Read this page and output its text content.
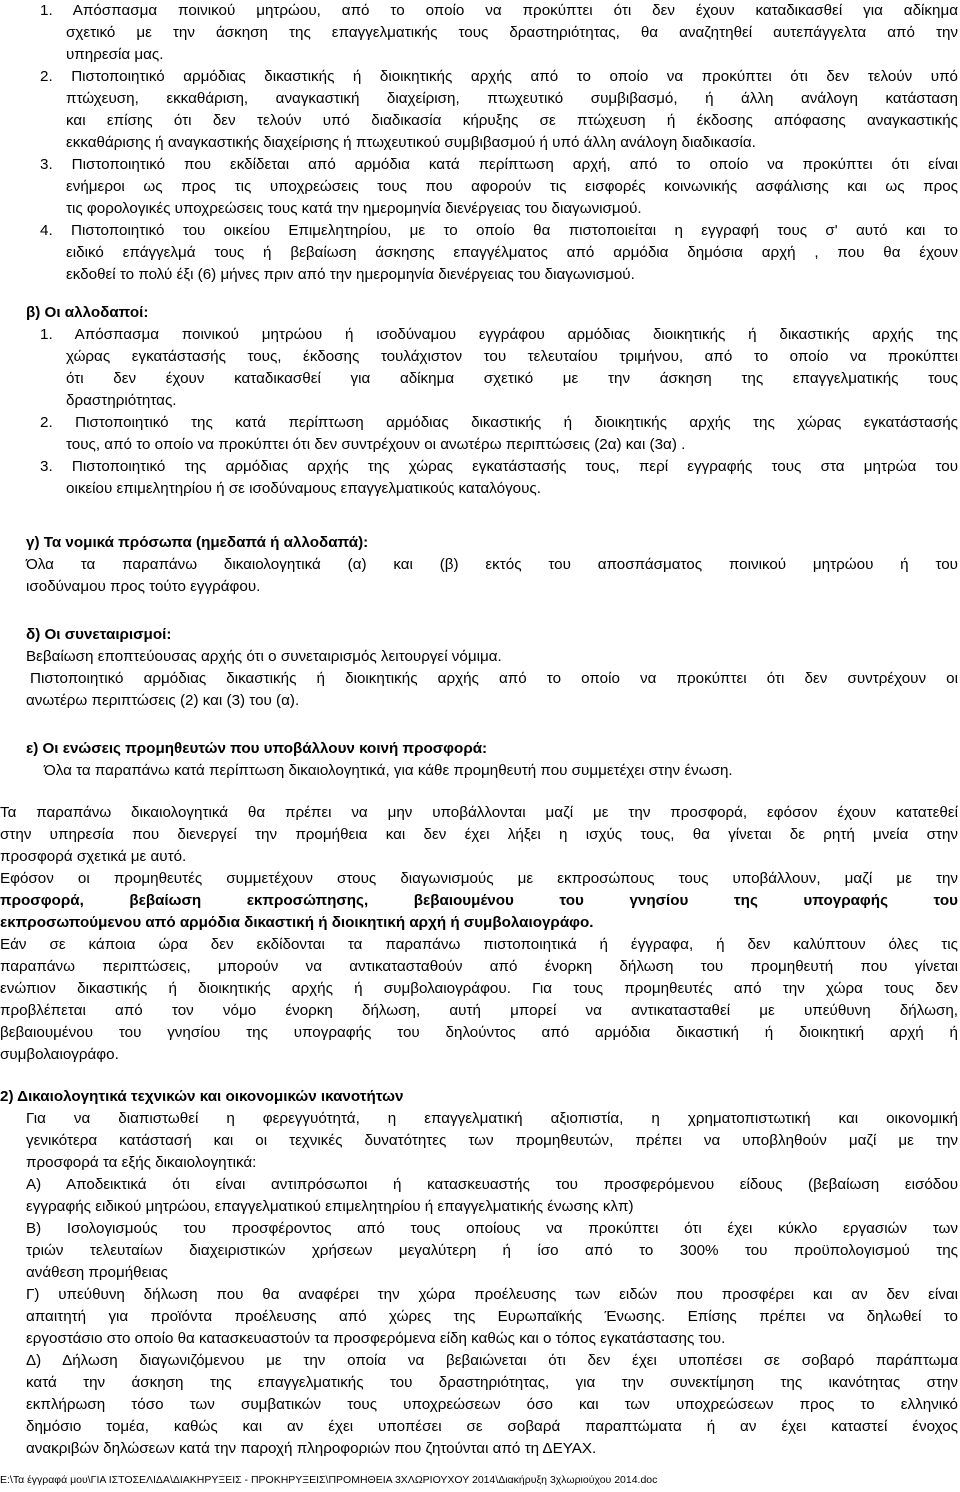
1. Απόσπασμα ποινικού μητρώου, από το οποίο να προκύπτει ότι δεν έχουν καταδικασθεί για αδίκημα
σχετικό με την άσκηση της επαγγελματικής τους δραστηριότητας, θα αναζητηθεί αυτεπάγγελτα από την
υπηρεσία μας.
2. Πιστοποιητικό αρμόδιας δικαστικής ή διοικητικής αρχής από το οποίο να προκύπτει ότι δεν τελούν υπό
πτώχευση, εκκαθάριση, αναγκαστική διαχείριση, πτωχευτικό συμβιβασμό, ή άλλη ανάλογη κατάσταση
και επίσης ότι δεν τελούν υπό διαδικασία κήρυξης σε πτώχευση ή έκδοσης απόφασης αναγκαστικής
εκκαθάρισης ή αναγκαστικής διαχείρισης ή πτωχευτικού συμβιβασμού ή υπό άλλη ανάλογη διαδικασία.
3. Πιστοποιητικό που εκδίδεται από αρμόδια κατά περίπτωση αρχή, από το οποίο να προκύπτει ότι είναι
ενήμεροι ως προς τις υποχρεώσεις τους που αφορούν τις εισφορές κοινωνικής ασφάλισης και ως προς
τις φορολογικές υποχρεώσεις τους κατά την ημερομηνία διενέργειας του διαγωνισμού.
4. Πιστοποιητικό του οικείου Επιμελητηρίου, με το οποίο θα πιστοποιείται η εγγραφή τους σ' αυτό και το
ειδικό επάγγελμά τους ή βεβαίωση άσκησης επαγγέλματος από αρμόδια δημόσια αρχή , που θα έχουν
εκδοθεί το πολύ έξι (6) μήνες πριν από την ημερομηνία διενέργειας του διαγωνισμού.
β) Οι αλλοδαποί:
1. Απόσπασμα ποινικού μητρώου ή ισοδύναμου εγγράφου αρμόδιας διοικητικής ή δικαστικής αρχής της
χώρας εγκατάστασής τους, έκδοσης τουλάχιστον του τελευταίου τριμήνου, από το οποίο να προκύπτει
ότι δεν έχουν καταδικασθεί για αδίκημα σχετικό με την άσκηση της επαγγελματικής τους
δραστηριότητας.
2. Πιστοποιητικό της κατά περίπτωση αρμόδιας δικαστικής ή διοικητικής αρχής της χώρας εγκατάστασής
τους, από το οποίο να προκύπτει ότι δεν συντρέχουν οι ανωτέρω περιπτώσεις (2α) και (3α) .
3. Πιστοποιητικό της αρμόδιας αρχής της χώρας εγκατάστασής τους, περί εγγραφής τους στα μητρώα του
οικείου επιμελητηρίου ή σε ισοδύναμους επαγγελματικούς καταλόγους.
γ) Τα νομικά πρόσωπα (ημεδαπά ή αλλοδαπά):
Όλα τα παραπάνω δικαιολογητικά (α) και (β) εκτός του αποσπάσματος ποινικού μητρώου ή του
ισοδύναμου προς τούτο εγγράφου.
δ) Οι συνεταιρισμοί:
Βεβαίωση εποπτεύουσας αρχής ότι ο συνεταιρισμός λειτουργεί νόμιμα.
Πιστοποιητικό αρμόδιας δικαστικής ή διοικητικής αρχής από το οποίο να προκύπτει ότι δεν συντρέχουν οι
ανωτέρω περιπτώσεις (2) και (3) του (α).
ε) Οι ενώσεις προμηθευτών που υποβάλλουν κοινή προσφορά:
Όλα τα παραπάνω κατά περίπτωση δικαιολογητικά, για κάθε προμηθευτή που συμμετέχει στην ένωση.
Τα παραπάνω δικαιολογητικά θα πρέπει να μην υποβάλλονται μαζί με την προσφορά, εφόσον έχουν κατατεθεί
στην υπηρεσία που διενεργεί την προμήθεια και δεν έχει λήξει η ισχύς τους, θα γίνεται δε ρητή μνεία στην
προσφορά σχετικά με αυτό.
Εφόσον οι προμηθευτές συμμετέχουν στους διαγωνισμούς με εκπροσώπους τους υποβάλλουν, μαζί με την
προσφορά, βεβαίωση εκπροσώπησης, βεβαιουμένου του γνησίου της υπογραφής του
εκπροσωπούμενου από αρμόδια δικαστική ή διοικητική αρχή ή συμβολαιογράφο.
Εάν σε κάποια ώρα δεν εκδίδονται τα παραπάνω πιστοποιητικά ή έγγραφα, ή δεν καλύπτουν όλες τις
παραπάνω περιπτώσεις, μπορούν να αντικατασταθούν από ένορκη δήλωση του προμηθευτή που γίνεται
ενώπιον δικαστικής ή διοικητικής αρχής ή συμβολαιογράφου. Για τους προμηθευτές από την χώρα τους δεν
προβλέπεται από τον νόμο ένορκη δήλωση, αυτή μπορεί να αντικατασταθεί με υπεύθυνη δήλωση,
βεβαιουμένου του γνησίου της υπογραφής του δηλούντος από αρμόδια δικαστική ή διοικητική αρχή ή
συμβολαιογράφο.
2) Δικαιολογητικά τεχνικών και οικονομικών ικανοτήτων
Για να διαπιστωθεί η φερεγγυότητά, η επαγγελματική αξιοπιστία, η χρηματοπιστωτική και οικονομική
γενικότερα κατάστασή και οι τεχνικές δυνατότητες των προμηθευτών, πρέπει να υποβληθούν μαζί με την
προσφορά τα εξής δικαιολογητικά:
Α) Αποδεικτικά ότι είναι αντιπρόσωποι ή κατασκευαστής του προσφερόμενου είδους (βεβαίωση εισόδου
εγγραφής ειδικού μητρώου, επαγγελματικού επιμελητηρίου ή επαγγελματικής ένωσης κλπ)
Β) Ισολογισμούς του προσφέροντος από τους οποίους να προκύπτει ότι έχει κύκλο εργασιών των
τριών τελευταίων διαχειριστικών χρήσεων μεγαλύτερη ή ίσο από το 300% του προϋπολογισμού της
ανάθεση προμήθειας
Γ) υπεύθυνη δήλωση που θα αναφέρει την χώρα προέλευσης των ειδών που προσφέρει και αν δεν είναι
απαιτητή για προϊόντα προέλευσης από χώρες της Ευρωπαϊκής Ένωσης. Επίσης πρέπει να δηλωθεί το
εργοστάσιο στο οποίο θα κατασκευαστούν τα προσφερόμενα είδη καθώς και ο τόπος εγκατάστασης του.
Δ) Δήλωση διαγωνιζόμενου με την οποία να βεβαιώνεται ότι δεν έχει υποπέσει σε σοβαρό παράπτωμα
κατά την άσκηση της επαγγελματικής του δραστηριότητας, για την συνεκτίμηση της ικανότητας στην
εκπλήρωση τόσο των συμβατικών τους υποχρεώσεων όσο και των υποχρεώσεων προς το ελληνικό
δημόσιο τομέα, καθώς και αν έχει υποπέσει σε σοβαρά παραπτώματα ή αν έχει καταστεί ένοχος
ανακριβών δηλώσεων κατά την παροχή πληροφοριών που ζητούνται από τη ΔΕΥΑΧ.
E:\Τα έγγραφά μου\ΓΙΑ ΙΣΤΟΣΕΛΙΔΑ\ΔΙΑΚΗΡΥΞΕΙΣ - ΠΡΟΚΗΡΥΞΕΙΣ\ΠΡΟΜΗΘΕΙΑ 3ΧΛΩΡΙΟΥΧΟΥ 2014\Διακήρυξη 3χλωριούχου 2014.doc
